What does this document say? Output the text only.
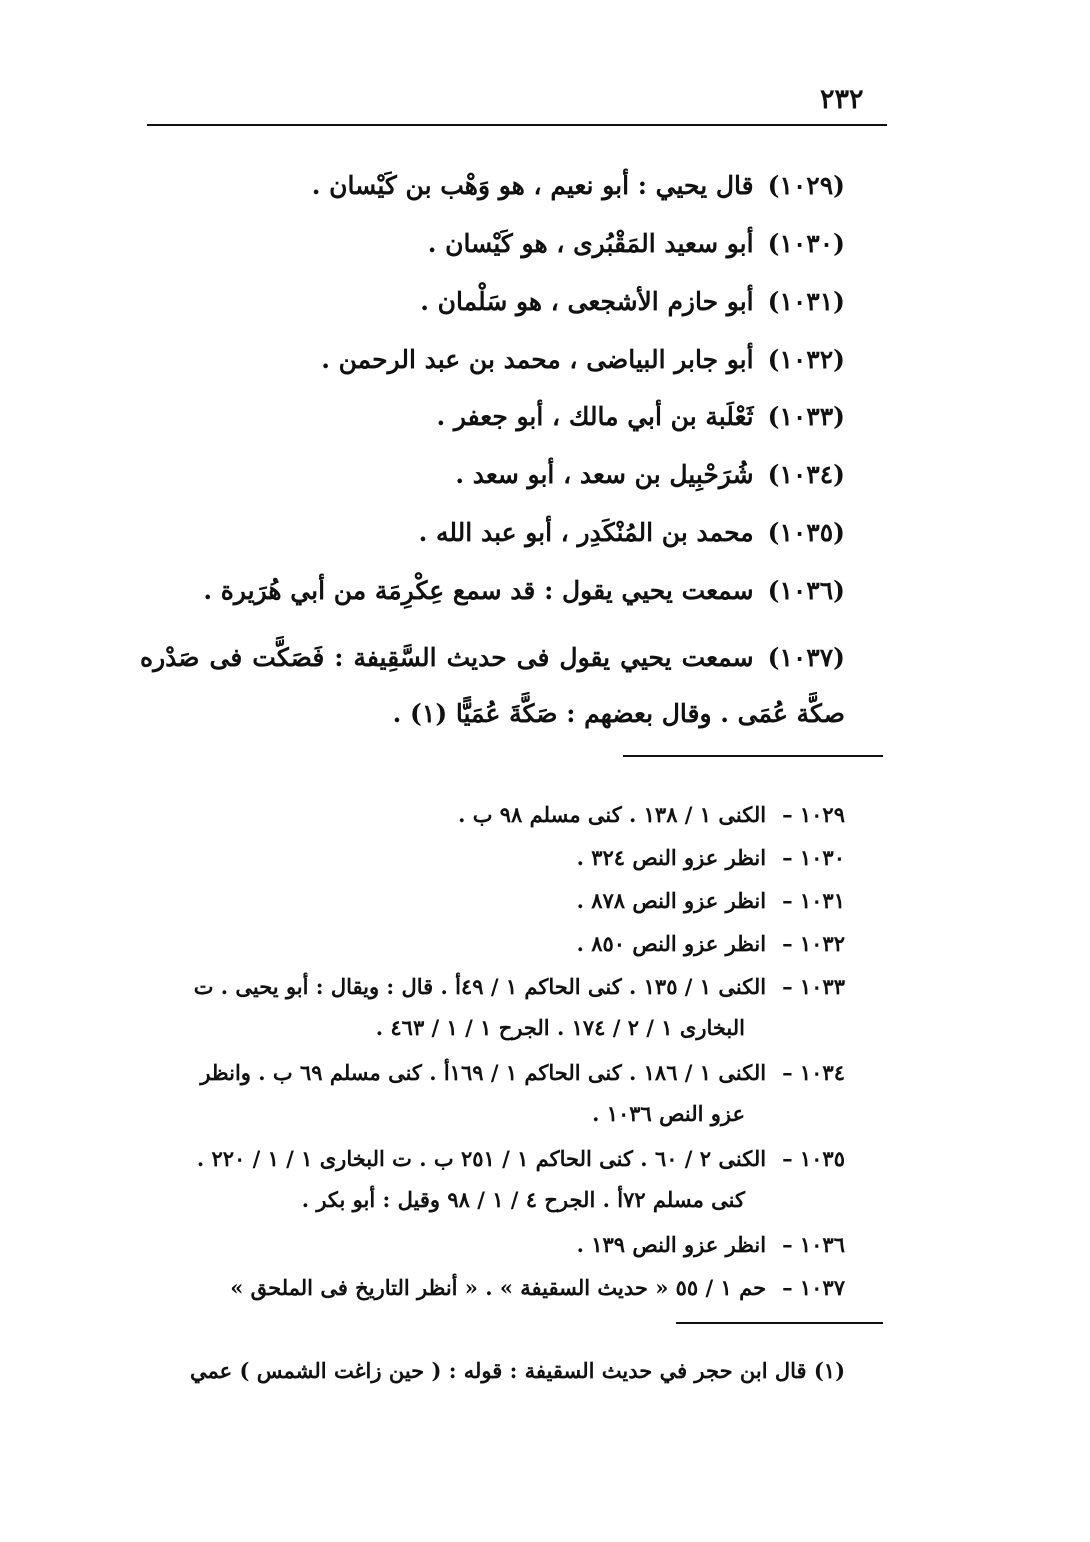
٢٣٢
(١٠٢٩)قال يحيي : أبو نعيم ، هو وَهْب بن كَيْسان .
(١٠٣٠)أبو سعيد المَقْبُرى ، هو كَيْسان .
(١٠٣١)أبو حازم الأشجعى ، هو سَلْمان .
(١٠٣٢)أبو جابر البياضى ، محمد بن عبد الرحمن .
(١٠٣٣)ثَعْلَبة بن أبي مالك ، أبو جعفر .
(١٠٣٤)شُرَحْبِيل بن سعد ، أبو سعد .
(١٠٣٥)محمد بن المُنْكَدِر ، أبو عبد الله .
(١٠٣٦)سمعت يحيي يقول : قد سمع عِكْرِمَة من أبي هُرَيرة .
(١٠٣٧)سمعت يحيي يقول فى حديث السَّقِيفة : فَصَكَّت فى صَدْره صكَّة عُمَى . وقال بعضهم : صَكَّةَ عُمَيًّا (١) .
١٠٢٩ –الكنى ١ / ١٣٨ . كنى مسلم ٩٨ ب .
١٠٣٠ –انظر عزو النص ٣٢٤ .
١٠٣١ –انظر عزو النص ٨٧٨ .
١٠٣٢ –انظر عزو النص ٨٥٠ .
١٠٣٣ –الكنى ١ / ١٣٥ . كنى الحاكم ١ / ٤٩أ . قال : ويقال : أبو يحيى . ت
البخارى ١ / ٢ / ١٧٤ . الجرح ١ / ١ / ٤٦٣ .
١٠٣٤ –الكنى ١ / ١٨٦ . كنى الحاكم ١ / ١٦٩أ . كنى مسلم ٦٩ ب . وانظر
عزو النص ١٠٣٦ .
١٠٣٥ –الكنى ٢ / ٦٠ . كنى الحاكم ١ / ٢٥١ ب . ت البخارى ١ / ١ / ٢٢٠ .
كنى مسلم ٧٢أ . الجرح ٤ / ١ / ٩٨ وقيل : أبو بكر .
١٠٣٦ –انظر عزو النص ١٣٩ .
١٠٣٧ –حم ١ / ٥٥ « حديث السقيفة » . « أنظر التاريخ فى الملحق »
(١) قال ابن حجر في حديث السقيفة : قوله : ( حين زاغت الشمس ) عمي
